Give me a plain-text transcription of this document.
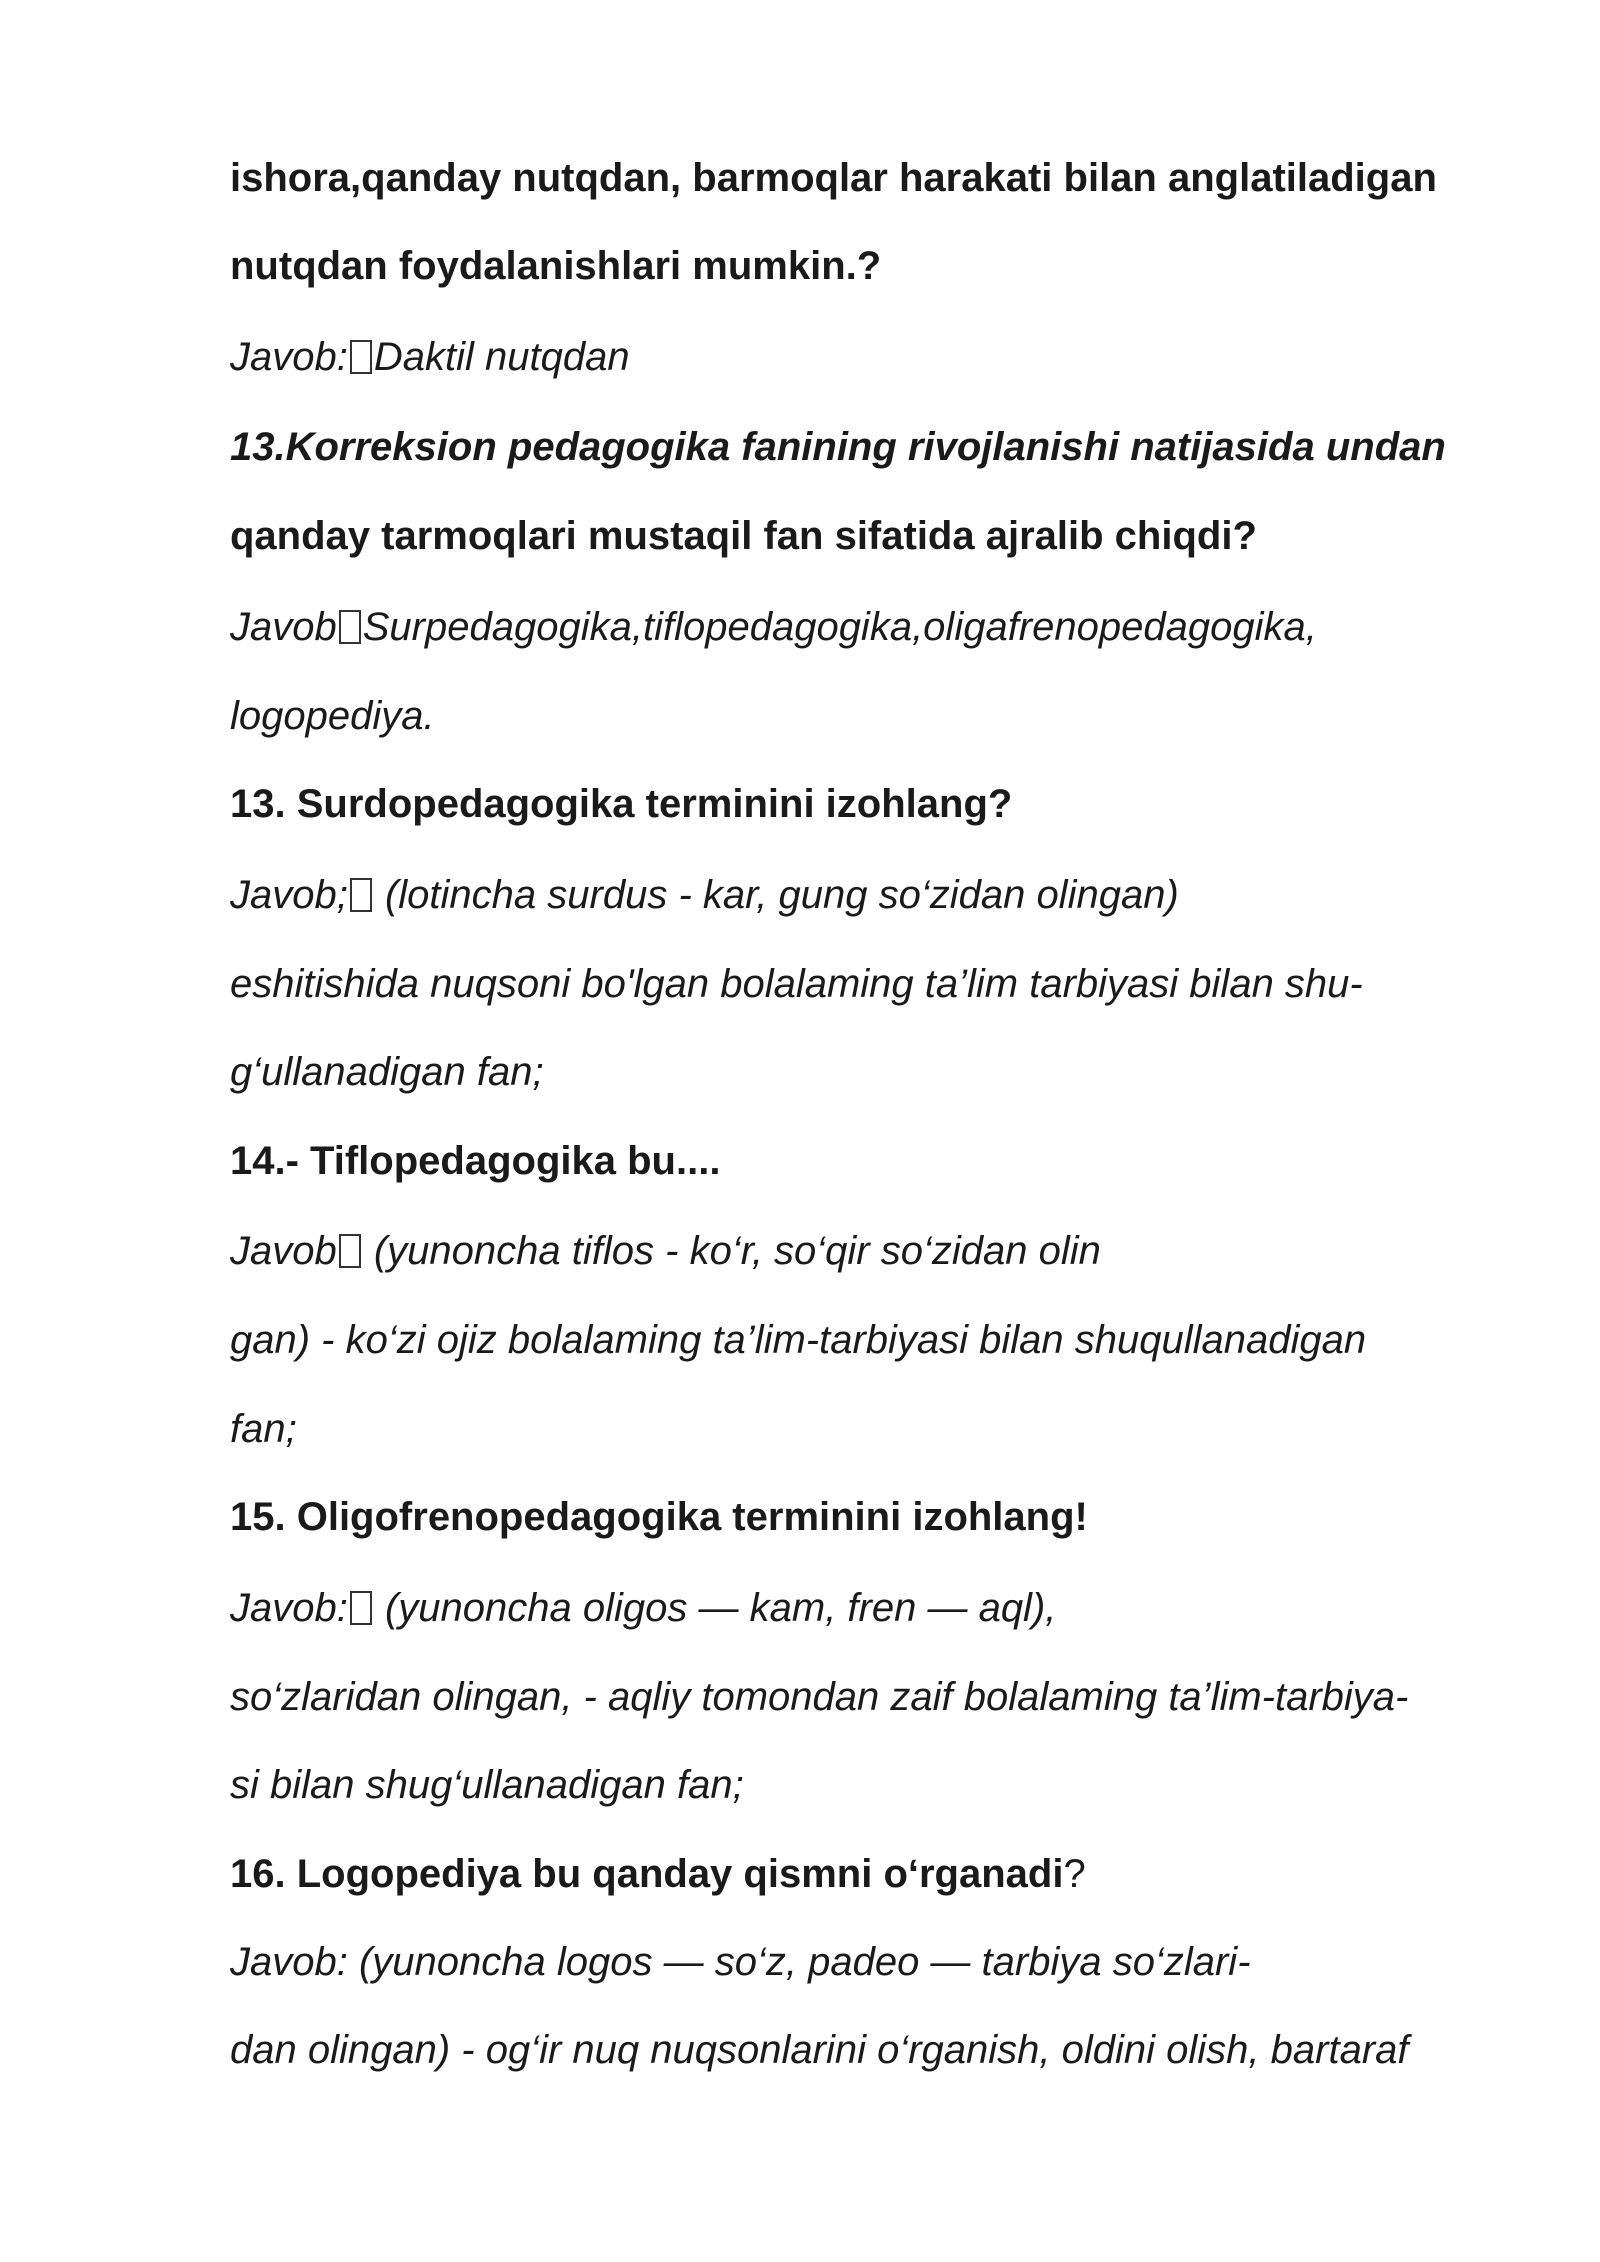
ishora,qanday nutqdan, barmoqlar harakati bilan anglatiladigan
nutqdan foydalanishlari mumkin.?
Javob: Daktil nutqdan
13.Korreksion pedagogika fanining rivojlanishi natijasida undan
qanday tarmoqlari mustaqil fan sifatida ajralib chiqdi?
Javob Surpedagogika,tiflopedagogika,oligafrenopedagogika,
logopediya.
13. Surdopedagogika terminini izohlang?
Javob; (lotincha surdus - kar, gung so‘zidan olingan)
eshitishida nuqsoni bo'lgan bolalaming ta’lim tarbiyasi bilan shu-
g‘ullanadigan fan;
14.- Tiflopedagogika bu....
Javob (yunoncha tiflos - ko‘r, so‘qir so‘zidan olin
gan) - ko‘zi ojiz bolalaming ta’lim-tarbiyasi bilan shuqullanadigan
fan;
15. Oligofrenopedagogika terminini izohlang!
Javob: (yunoncha oligos — kam, fren — aql),
so‘zlaridan olingan, - aqliy tomondan zaif bolalaming ta’lim-tarbiya-
si bilan shug‘ullanadigan fan;
16. Logopediya bu qanday qismni o‘rganadi?
Javob: (yunoncha logos — so‘z, padeo — tarbiya so‘zlari-
dan olingan) - og‘ir nuq nuqsonlarini o‘rganish, oldini olish, bartaraf
